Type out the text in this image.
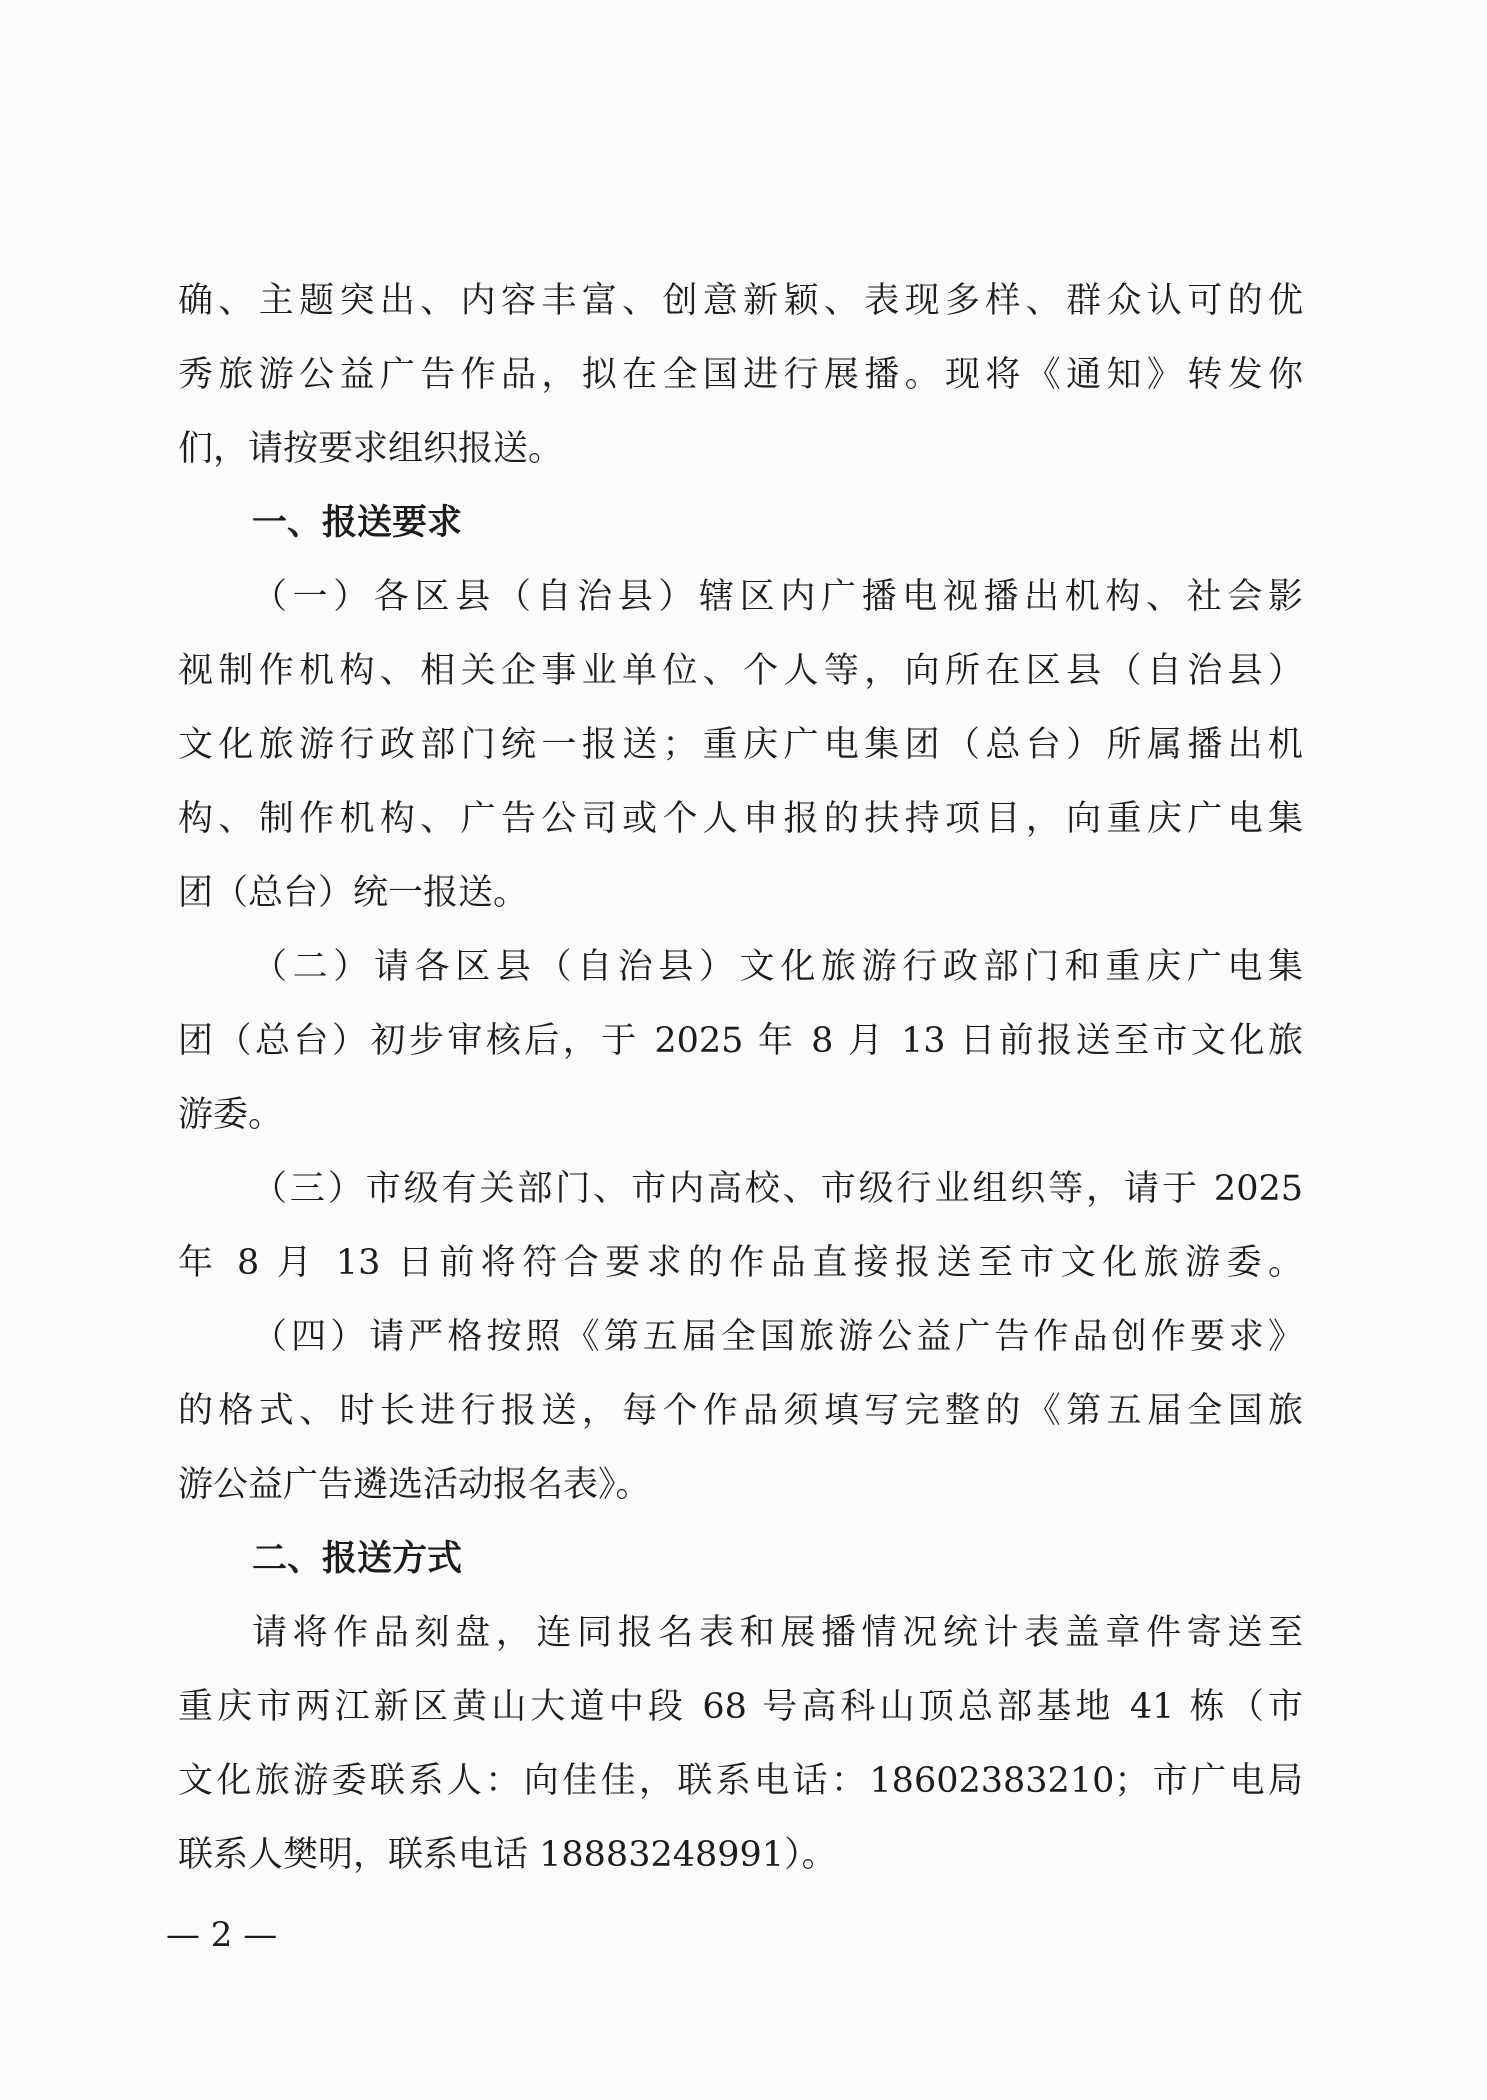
确、主题突出、内容丰富、创意新颖、表现多样、群众认可的优
秀旅游公益广告作品，拟在全国进行展播。现将《通知》转发你
们，请按要求组织报送。
一、报送要求
（一）各区县（自治县）辖区内广播电视播出机构、社会影
视制作机构、相关企事业单位、个人等，向所在区县（自治县）
文化旅游行政部门统一报送；重庆广电集团（总台）所属播出机
构、制作机构、广告公司或个人申报的扶持项目，向重庆广电集
团（总台）统一报送。
（二）请各区县（自治县）文化旅游行政部门和重庆广电集
团（总台）初步审核后，于 2025 年 8 月 13 日前报送至市文化旅
游委。
（三）市级有关部门、市内高校、市级行业组织等，请于 2025
年 8 月 13 日前将符合要求的作品直接报送至市文化旅游委。
（四）请严格按照《第五届全国旅游公益广告作品创作要求》
的格式、时长进行报送，每个作品须填写完整的《第五届全国旅
游公益广告遴选活动报名表》。
二、报送方式
请将作品刻盘，连同报名表和展播情况统计表盖章件寄送至
重庆市两江新区黄山大道中段 68 号高科山顶总部基地 41 栋（市
文化旅游委联系人：向佳佳，联系电话：18602383210；市广电局
联系人樊明，联系电话 18883248991）。
— 2 —
